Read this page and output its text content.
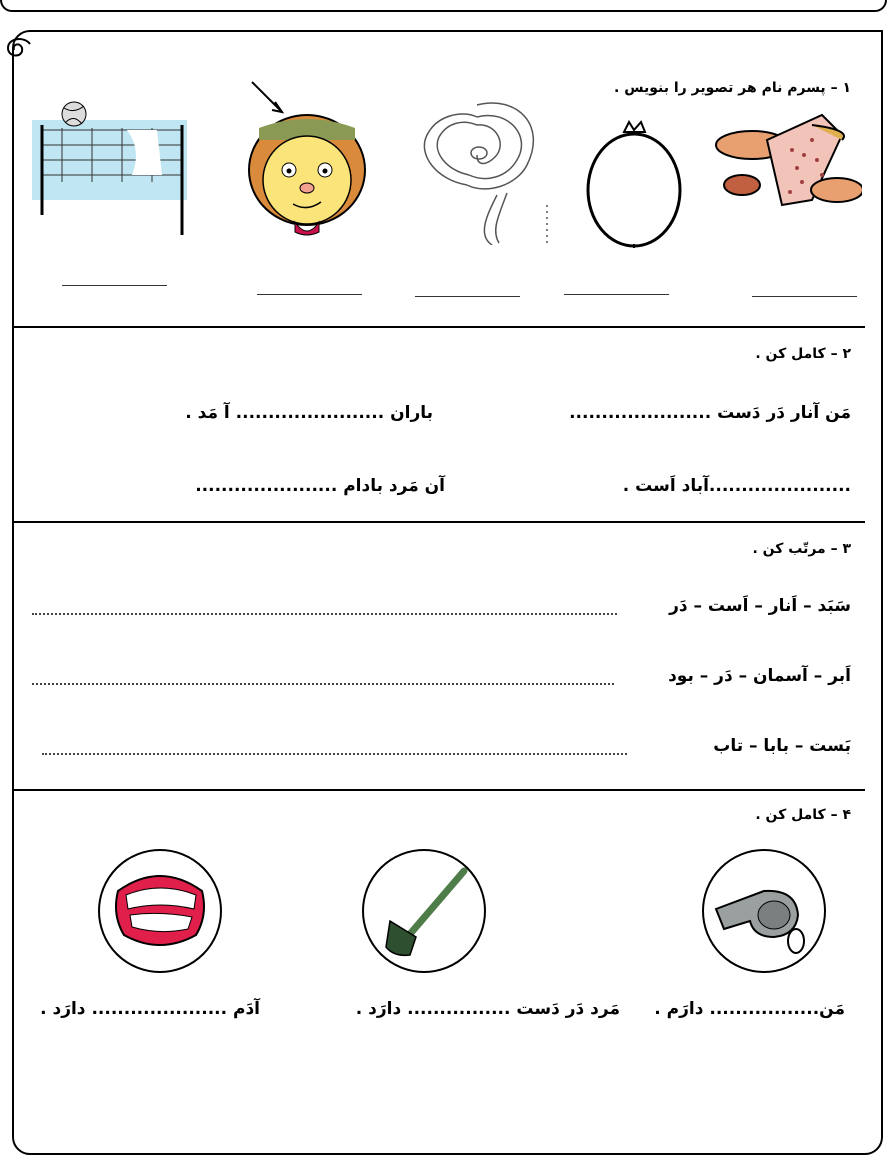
۱ – پسرم نام هر تصویر را بنویس .
۲ – کامل کن .
مَن آنار دَر دَست ......................
باران ....................... آ مَد .
......................آباد اَست .
آن مَرد بادام ......................
۳ – مرتّب کن .
سَبَد – اَنار – اَست – دَر
اَبر – آسمان – دَر – بود
بَست – بابا – تاب
۴ – کامل کن .
مَن................. دارَم .
مَرد دَر دَست ................ دارَد .
آدَم ..................... دارَد .
